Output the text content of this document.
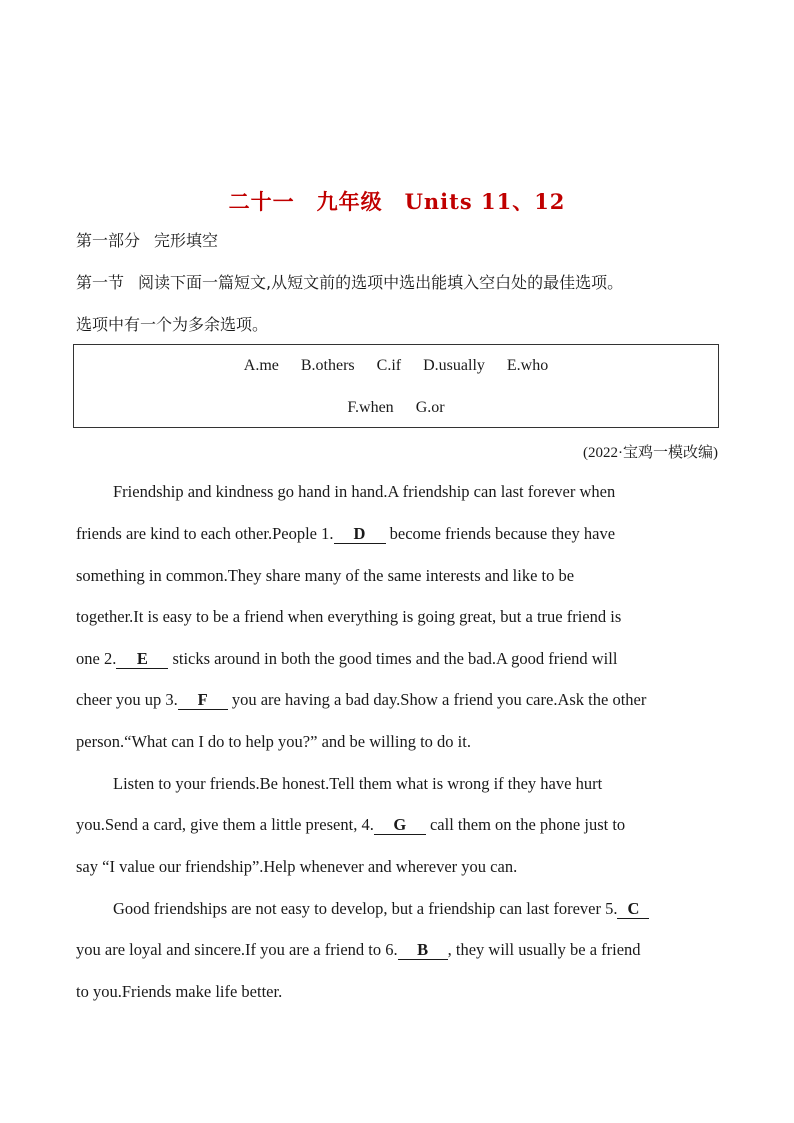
二十一 九年级 Units 11、12
第一部分 完形填空
第一节 阅读下面一篇短文,从短文前的选项中选出能填入空白处的最佳选项。
选项中有一个为多余选项。
A.me B.others C.if D.usually E.who
F.when G.or
(2022·宝鸡一模改编)
Friendship and kindness go hand in hand.A friendship can last forever when
friends are kind to each other.People 1. D become friends because they have
something in common.They share many of the same interests and like to be
together.It is easy to be a friend when everything is going great, but a true friend is
one 2. E sticks around in both the good times and the bad.A good friend will
cheer you up 3. F you are having a bad day.Show a friend you care.Ask the other
person.“What can I do to help you?” and be willing to do it.
Listen to your friends.Be honest.Tell them what is wrong if they have hurt
you.Send a card, give them a little present, 4. G call them on the phone just to
say “I value our friendship”.Help whenever and wherever you can.
Good friendships are not easy to develop, but a friendship can last forever 5. C
you are loyal and sincere.If you are a friend to 6. B , they will usually be a friend
to you.Friends make life better.
